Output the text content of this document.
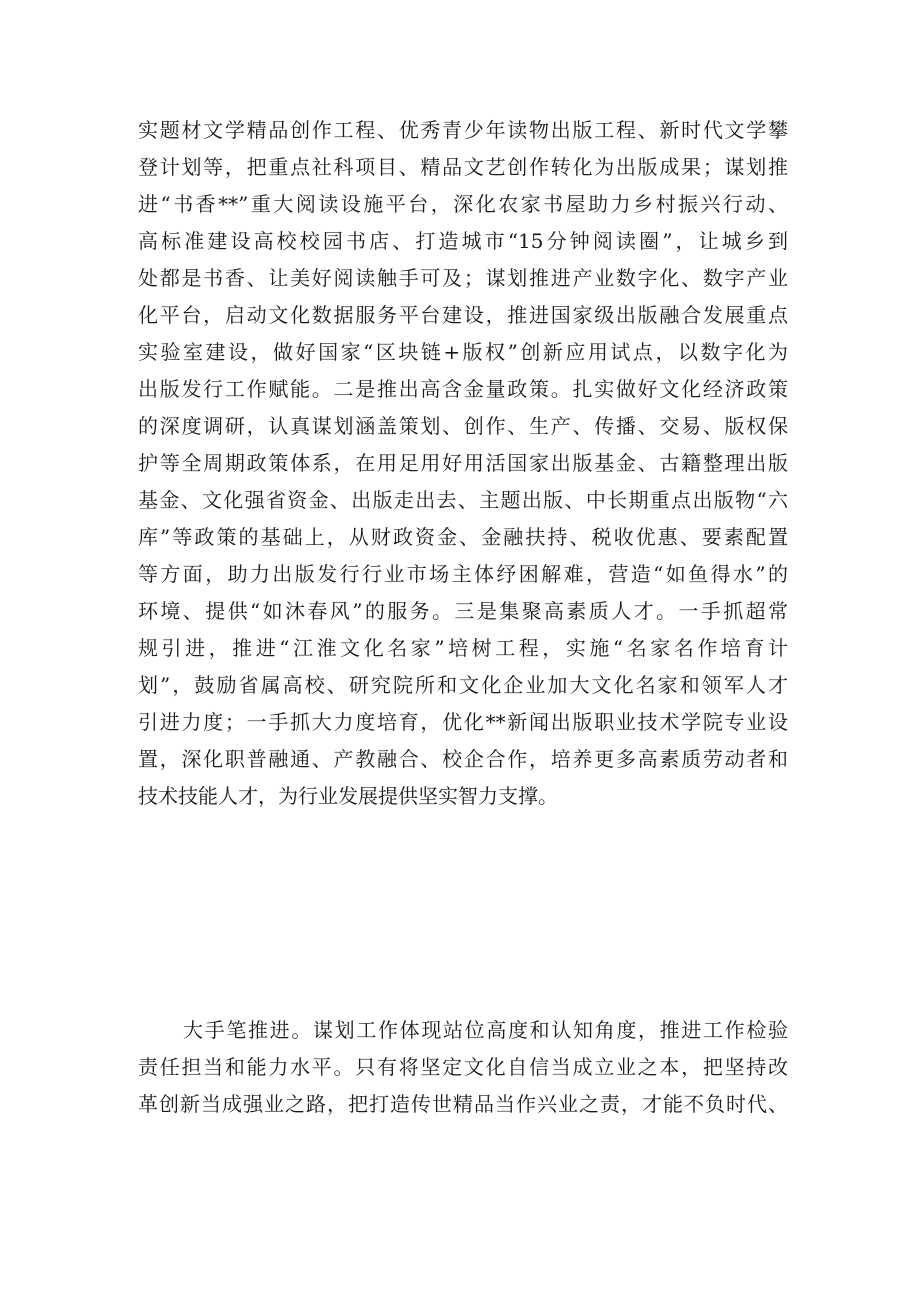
实题材文学精品创作工程、优秀青少年读物出版工程、新时代文学攀
登计划等，把重点社科项目、精品文艺创作转化为出版成果；谋划推
进“书香**”重大阅读设施平台，深化农家书屋助力乡村振兴行动、
高标准建设高校校园书店、打造城市“15分钟阅读圈”，让城乡到
处都是书香、让美好阅读触手可及；谋划推进产业数字化、数字产业
化平台，启动文化数据服务平台建设，推进国家级出版融合发展重点
实验室建设，做好国家“区块链+版权”创新应用试点，以数字化为
出版发行工作赋能。二是推出高含金量政策。扎实做好文化经济政策
的深度调研，认真谋划涵盖策划、创作、生产、传播、交易、版权保
护等全周期政策体系，在用足用好用活国家出版基金、古籍整理出版
基金、文化强省资金、出版走出去、主题出版、中长期重点出版物“六
库”等政策的基础上，从财政资金、金融扶持、税收优惠、要素配置
等方面，助力出版发行行业市场主体纾困解难，营造“如鱼得水”的
环境、提供“如沐春风”的服务。三是集聚高素质人才。一手抓超常
规引进，推进“江淮文化名家”培树工程，实施“名家名作培育计
划”，鼓励省属高校、研究院所和文化企业加大文化名家和领军人才
引进力度；一手抓大力度培育，优化**新闻出版职业技术学院专业设
置，深化职普融通、产教融合、校企合作，培养更多高素质劳动者和
技术技能人才，为行业发展提供坚实智力支撑。
大手笔推进。谋划工作体现站位高度和认知角度，推进工作检验
责任担当和能力水平。只有将坚定文化自信当成立业之本，把坚持改
革创新当成强业之路，把打造传世精品当作兴业之责，才能不负时代、
